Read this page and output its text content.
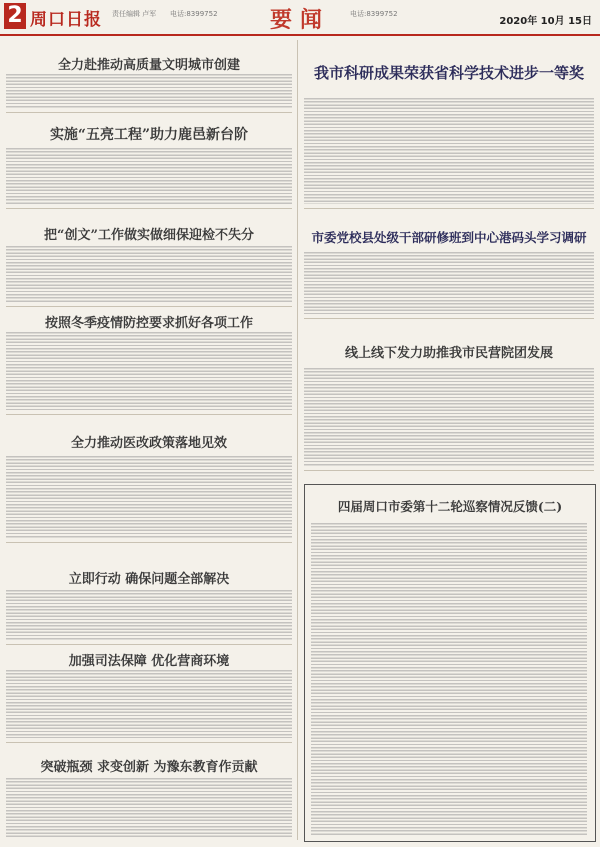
2 周口日报 责任编辑 卢军 电话:8399752 要闻	电话:8399752
2020年 10月 15日
全力赴推动高质量文明城市创建
实施“五亮工程”助力鹿邑新台阶
把“创文”工作做实做细保迎检不失分
按照冬季疫情防控要求抓好各项工作
全力推动医改政策落地见效
立即行动 确保问题全部解决
加强司法保障 优化营商环境
突破瓶颈 求变创新 为豫东教育作贡献
我市科研成果荣获省科学技术进步一等奖
市委党校县处级干部研修班到中心港码头学习调研
线上线下发力助推我市民营院团发展
四届周口市委第十二轮巡察情况反馈(二)
